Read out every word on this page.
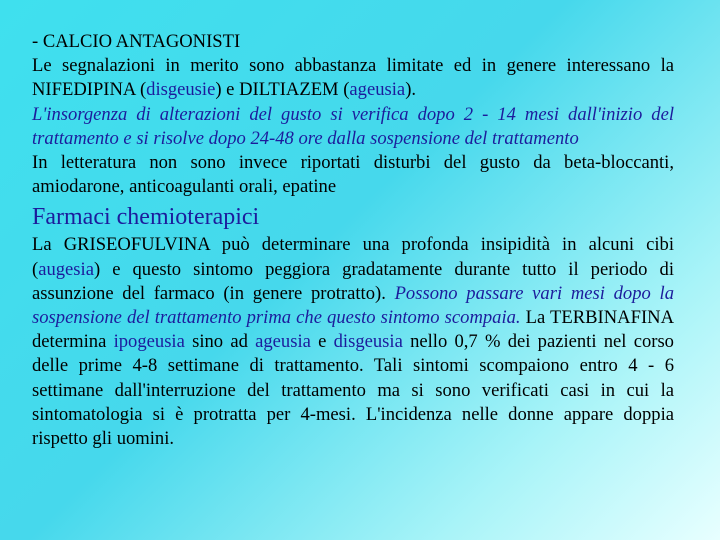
- CALCIO ANTAGONISTI

Le segnalazioni in merito sono abbastanza limitate ed in genere interessano la NIFEDIPINA (disgeusie) e DILTIAZEM (ageusia).

L'insorgenza di alterazioni del gusto si verifica dopo 2 - 14 mesi dall'inizio del trattamento e si risolve dopo 24-48 ore dalla sospensione del trattamento

In letteratura non sono invece riportati disturbi del gusto da beta-bloccanti, amiodarone, anticoagulanti orali, epatine

Farmaci chemioterapici

La GRISEOFULVINA può determinare una profonda insipidità in alcuni cibi (augesia) e questo sintomo peggiora gradatamente durante tutto il periodo di assunzione del farmaco (in genere protratto). Possono passare vari mesi dopo la sospensione del trattamento prima che questo sintomo scompaia. La TERBINAFINA determina ipogeusia sino ad ageusia e disgeusia nello 0,7 % dei pazienti nel corso delle prime 4-8 settimane di trattamento. Tali sintomi scompaiono entro 4 - 6 settimane dall'interruzione del trattamento ma si sono verificati casi in cui la sintomatologia si è protratta per 4-mesi. L'incidenza nelle donne appare doppia rispetto gli uomini.
